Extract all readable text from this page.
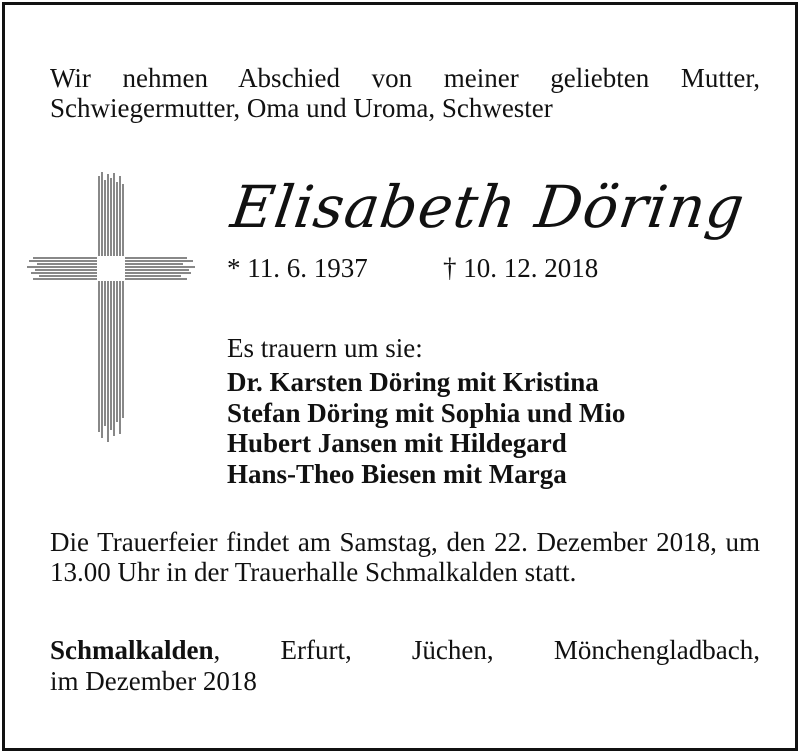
Wir nehmen Abschied von meiner geliebten Mutter,
Schwiegermutter, Oma und Uroma, Schwester
Elisabeth Döring
* 11. 6. 1937	† 10. 12. 2018
Es trauern um sie:
Dr. Karsten Döring mit Kristina
Stefan Döring mit Sophia und Mio
Hubert Jansen mit Hildegard
Hans-Theo Biesen mit Marga
Die Trauerfeier findet am Samstag, den 22. Dezember 2018, um 13.00 Uhr in der Trauerhalle Schmalkalden statt.
Schmalkalden, Erfurt, Jüchen, Mönchengladbach,
im Dezember 2018
